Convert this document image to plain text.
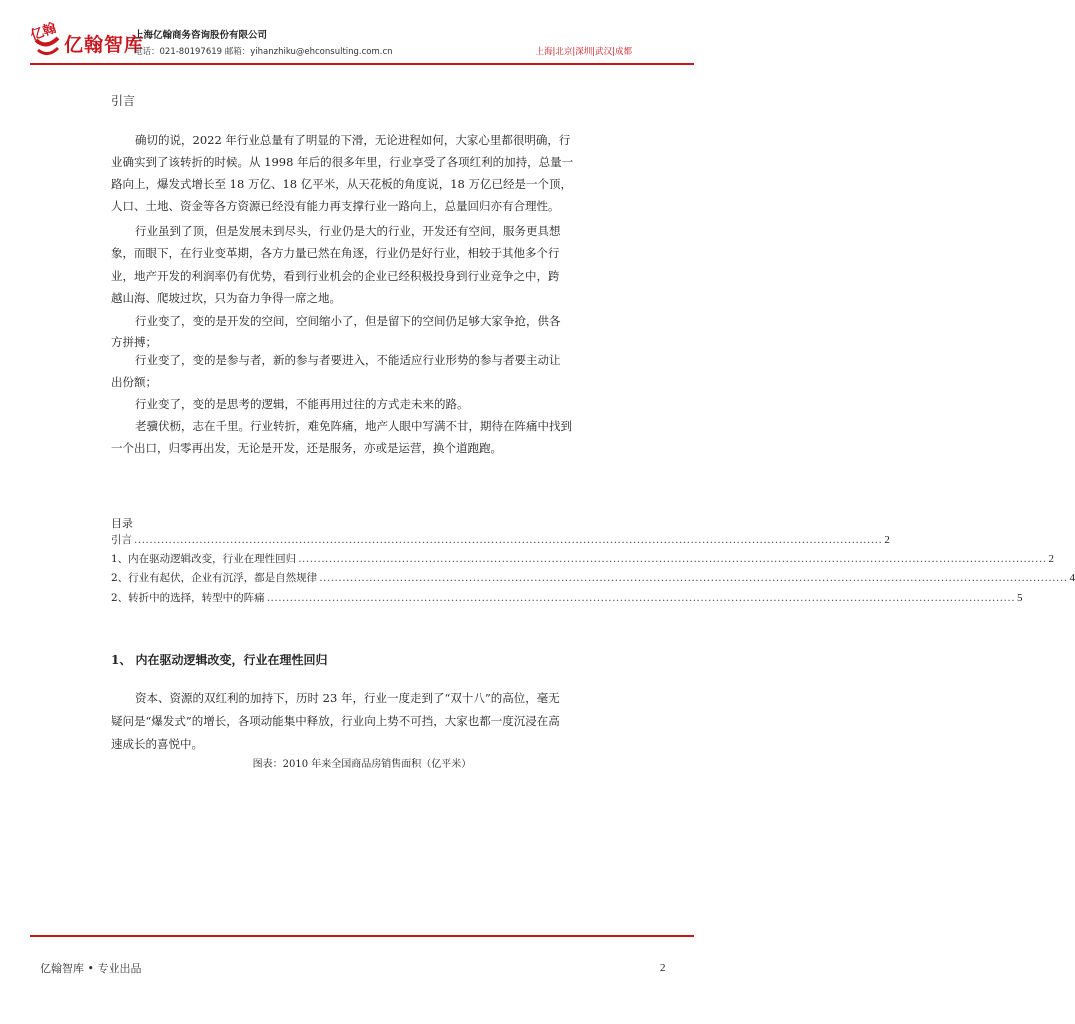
亿翰
亿翰智库
上海亿翰商务咨询股份有限公司
电话：021-80197619 邮箱：yihanzhiku@ehconsulting.com.cn	上海|北京|深圳|武汉|成都
引言
确切的说，2022 年行业总量有了明显的下滑，无论进程如何，大家心里都很明确，行
业确实到了该转折的时候。从 1998 年后的很多年里，行业享受了各项红利的加持，总量一
路向上，爆发式增长至 18 万亿、18 亿平米，从天花板的角度说，18 万亿已经是一个顶，
人口、土地、资金等各方资源已经没有能力再支撑行业一路向上，总量回归亦有合理性。
行业虽到了顶，但是发展未到尽头，行业仍是大的行业，开发还有空间，服务更具想
象，而眼下，在行业变革期，各方力量已然在角逐，行业仍是好行业，相较于其他多个行
业，地产开发的利润率仍有优势，看到行业机会的企业已经积极投身到行业竞争之中，跨
越山海、爬坡过坎，只为奋力争得一席之地。
行业变了，变的是开发的空间，空间缩小了，但是留下的空间仍足够大家争抢，供各
方拼搏；
行业变了，变的是参与者，新的参与者要进入，不能适应行业形势的参与者要主动让
出份额；
行业变了，变的是思考的逻辑，不能再用过往的方式走未来的路。
老骥伏枥，志在千里。行业转折，难免阵痛，地产人眼中写满不甘，期待在阵痛中找到
一个出口，归零再出发，无论是开发，还是服务，亦或是运营，换个道跑跑。
目录
引言 ................................................................................................................................................................................................... 2
1、内在驱动逻辑改变，行业在理性回归 ................................................................................................................................................................................................... 2
2、行业有起伏，企业有沉浮，都是自然规律 ................................................................................................................................................................................................... 4
2、转折中的选择，转型中的阵痛 ................................................................................................................................................................................................... 5
1、 内在驱动逻辑改变，行业在理性回归
资本、资源的双红利的加持下，历时 23 年，行业一度走到了“双十八”的高位，毫无
疑问是“爆发式”的增长，各项动能集中释放，行业向上势不可挡，大家也都一度沉浸在高
速成长的喜悦中。
图表：2010 年来全国商品房销售面积（亿平米）
亿翰智库 • 专业出品	2
